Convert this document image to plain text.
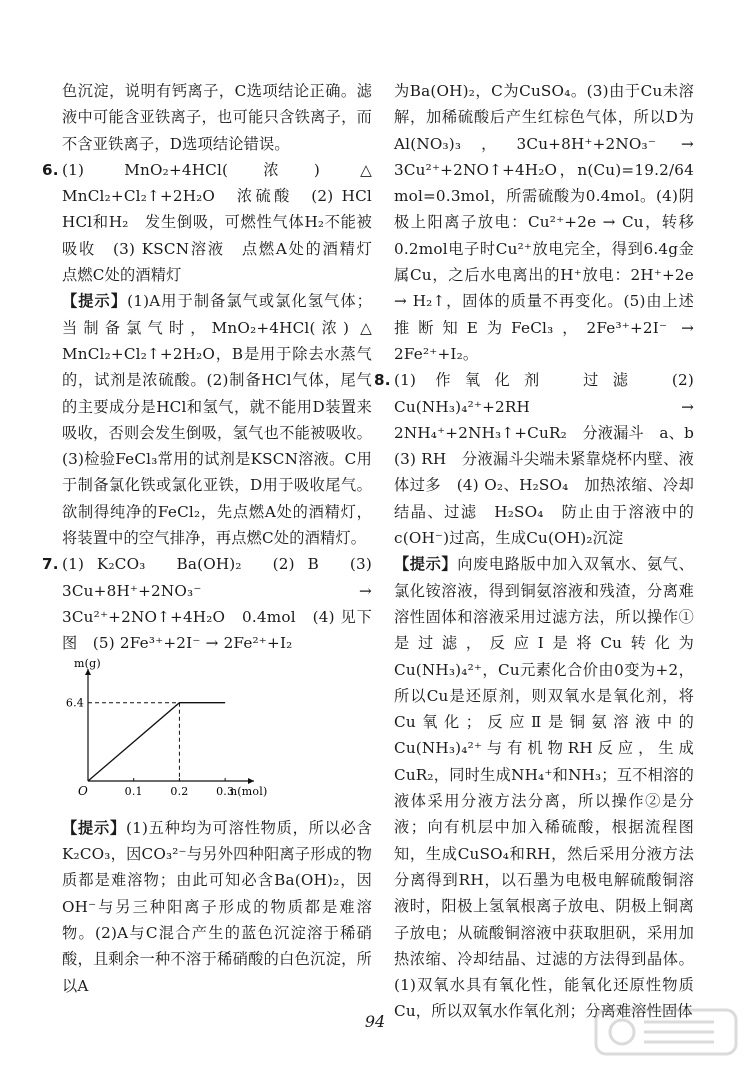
色沉淀，说明有钙离子，C选项结论正确。滤液中可能含亚铁离子，也可能只含铁离子，而不含亚铁离子，D选项结论错误。

6. (1) MnO₂+4HCl(浓) △ MnCl₂+Cl₂↑+2H₂O　浓硫酸　(2) HCl　HCl和H₂　发生倒吸，可燃性气体H₂不能被吸收　(3) KSCN溶液　点燃A处的酒精灯　点燃C处的酒精灯

【提示】(1)A用于制备氯气或氯化氢气体；当制备氯气时，MnO₂+4HCl(浓) △ MnCl₂+Cl₂↑+2H₂O，B是用于除去水蒸气的，试剂是浓硫酸。(2)制备HCl气体，尾气的主要成分是HCl和氢气，就不能用D装置来吸收，否则会发生倒吸，氢气也不能被吸收。(3)检验FeCl₃常用的试剂是KSCN溶液。C用于制备氯化铁或氯化亚铁，D用于吸收尾气。欲制得纯净的FeCl₂，先点燃A处的酒精灯，将装置中的空气排净，再点燃C处的酒精灯。

7. (1) K₂CO₃　Ba(OH)₂　(2) B　(3) 3Cu+8H⁺+2NO₃⁻ → 3Cu²⁺+2NO↑+4H₂O　0.4mol　(4) 见下图　(5) 2Fe³⁺+2I⁻ → 2Fe²⁺+I₂

0.1	0.2	0.3
6.4
O
m(g)
n(mol)

【提示】(1)五种均为可溶性物质，所以必含K₂CO₃，因CO₃²⁻与另外四种阳离子形成的物质都是难溶物；由此可知必含Ba(OH)₂，因OH⁻与另三种阳离子形成的物质都是难溶物。(2)A与C混合产生的蓝色沉淀溶于稀硝酸，且剩余一种不溶于稀硝酸的白色沉淀，所以A

为Ba(OH)₂，C为CuSO₄。(3)由于Cu未溶解，加稀硫酸后产生红棕色气体，所以D为Al(NO₃)₃，3Cu+8H⁺+2NO₃⁻ → 3Cu²⁺+2NO↑+4H₂O，n(Cu)=19.2/64 mol=0.3mol，所需硫酸为0.4mol。(4)阴极上阳离子放电：Cu²⁺+2e → Cu，转移0.2mol电子时Cu²⁺放电完全，得到6.4g金属Cu，之后水电离出的H⁺放电：2H⁺+2e → H₂↑，固体的质量不再变化。(5)由上述推断知E为FeCl₃，2Fe³⁺+2I⁻ → 2Fe²⁺+I₂。

8. (1) 作氧化剂　过滤　(2) Cu(NH₃)₄²⁺+2RH → 2NH₄⁺+2NH₃↑+CuR₂　分液漏斗　a、b　(3) RH　分液漏斗尖端未紧靠烧杯内壁、液体过多　(4) O₂、H₂SO₄　加热浓缩、冷却结晶、过滤　H₂SO₄　防止由于溶液中的c(OH⁻)过高，生成Cu(OH)₂沉淀

【提示】向废电路版中加入双氧水、氨气、氯化铵溶液，得到铜氨溶液和残渣，分离难溶性固体和溶液采用过滤方法，所以操作①是过滤，反应Ⅰ是将Cu转化为Cu(NH₃)₄²⁺，Cu元素化合价由0变为+2，所以Cu是还原剂，则双氧水是氧化剂，将Cu氧化；反应Ⅱ是铜氨溶液中的Cu(NH₃)₄²⁺与有机物RH反应，生成CuR₂，同时生成NH₄⁺和NH₃；互不相溶的液体采用分液方法分离，所以操作②是分液；向有机层中加入稀硫酸，根据流程图知，生成CuSO₄和RH，然后采用分液方法分离得到RH，以石墨为电极电解硫酸铜溶液时，阳极上氢氧根离子放电、阴极上铜离子放电；从硫酸铜溶液中获取胆矾，采用加热浓缩、冷却结晶、过滤的方法得到晶体。(1)双氧水具有氧化性，能氧化还原性物质Cu，所以双氧水作氧化剂；分离难溶性固体

94
